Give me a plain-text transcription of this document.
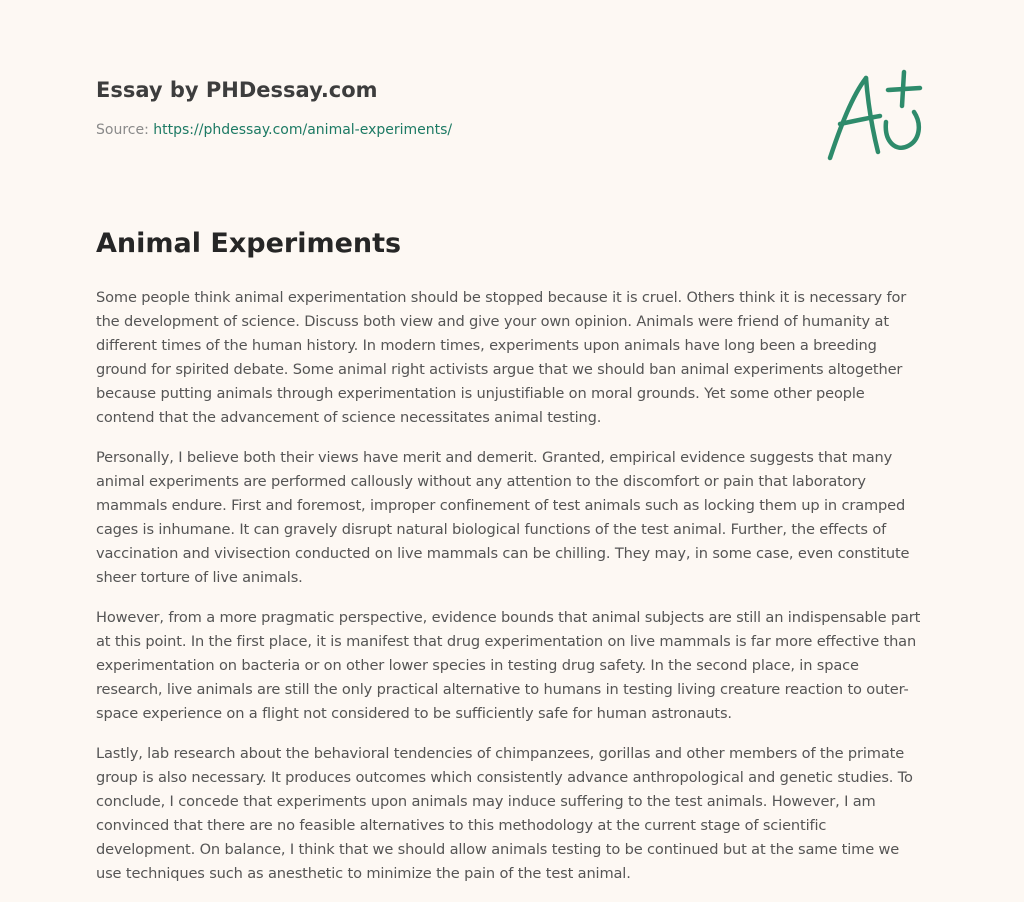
Essay by PHDessay.com
Source: https://phdessay.com/animal-experiments/
Animal Experiments

Some people think animal experimentation should be stopped because it is cruel. Others think it is necessary for the development of science. Discuss both view and give your own opinion. Animals were friend of humanity at different times of the human history. In modern times, experiments upon animals have long been a breeding ground for spirited debate. Some animal right activists argue that we should ban animal experiments altogether because putting animals through experimentation is unjustifiable on moral grounds. Yet some other people contend that the advancement of science necessitates animal testing.

Personally, I believe both their views have merit and demerit. Granted, empirical evidence suggests that many animal experiments are performed callously without any attention to the discomfort or pain that laboratory mammals endure. First and foremost, improper confinement of test animals such as locking them up in cramped cages is inhumane. It can gravely disrupt natural biological functions of the test animal. Further, the effects of vaccination and vivisection conducted on live mammals can be chilling. They may, in some case, even constitute sheer torture of live animals.

However, from a more pragmatic perspective, evidence bounds that animal subjects are still an indispensable part at this point. In the first place, it is manifest that drug experimentation on live mammals is far more effective than experimentation on bacteria or on other lower species in testing drug safety. In the second place, in space research, live animals are still the only practical alternative to humans in testing living creature reaction to outer-space experience on a flight not considered to be sufficiently safe for human astronauts.

Lastly, lab research about the behavioral tendencies of chimpanzees, gorillas and other members of the primate group is also necessary. It produces outcomes which consistently advance anthropological and genetic studies. To conclude, I concede that experiments upon animals may induce suffering to the test animals. However, I am convinced that there are no feasible alternatives to this methodology at the current stage of scientific development. On balance, I think that we should allow animals testing to be continued but at the same time we use techniques such as anesthetic to minimize the pain of the test animal.
